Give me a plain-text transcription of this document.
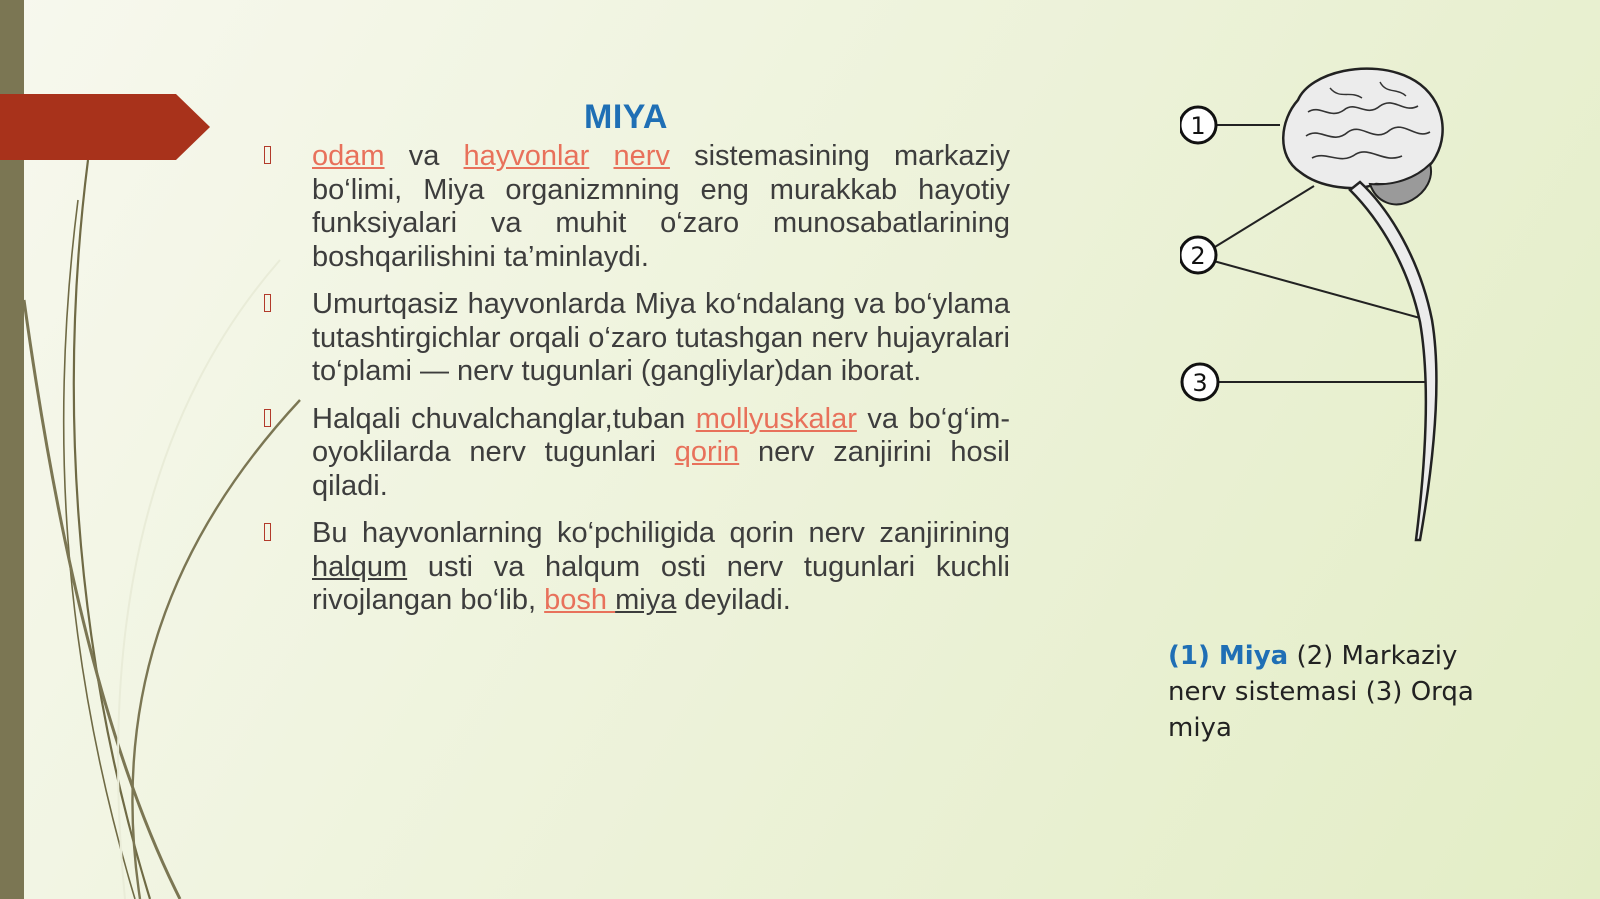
MIYA
odam va hayvonlar nerv sistemasining markaziy bo‘limi, Miya organizmning eng murakkab hayotiy funksiyalari va muhit o‘zaro munosabatlarining boshqarilishini ta’minlaydi.
Umurtqasiz hayvonlarda Miya ko‘ndalang va bo‘ylama tutashtirgichlar orqali o‘zaro tutashgan nerv hujayralari to‘plami — nerv tugunlari (gangliylar)dan iborat.
Halqali chuvalchanglar,tuban mollyuskalar va bo‘g‘im-oyoklilarda nerv tugunlari qorin nerv zanjirini hosil qiladi.
Bu hayvonlarning ko‘pchiligida qorin nerv zanjirining halqum usti va halqum osti nerv tugunlari kuchli rivojlangan bo‘lib, bosh miya deyiladi.
1
2
3
(1) Miya (2) Markaziy nerv sistemasi (3) Orqa miya
